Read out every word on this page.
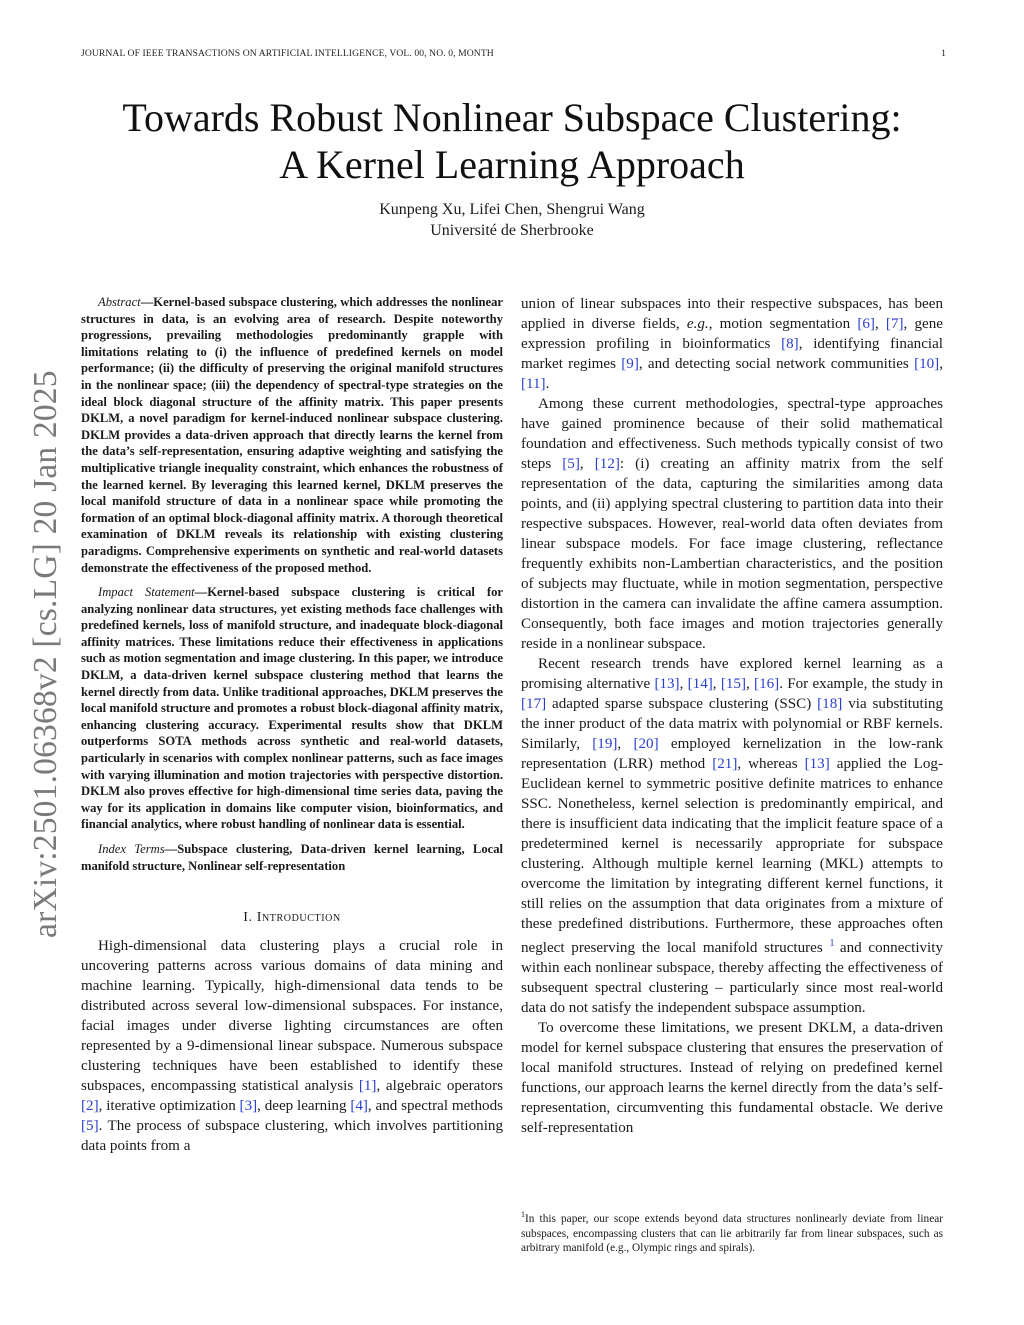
JOURNAL OF IEEE TRANSACTIONS ON ARTIFICIAL INTELLIGENCE, VOL. 00, NO. 0, MONTH	1
arXiv:2501.06368v2 [cs.LG] 20 Jan 2025
Towards Robust Nonlinear Subspace Clustering:
A Kernel Learning Approach
Kunpeng Xu, Lifei Chen, Shengrui Wang
Université de Sherbrooke

Abstract—Kernel-based subspace clustering, which addresses the nonlinear structures in data, is an evolving area of research. Despite noteworthy progressions, prevailing methodologies predominantly grapple with limitations relating to (i) the influence of predefined kernels on model performance; (ii) the difficulty of preserving the original manifold structures in the nonlinear space; (iii) the dependency of spectral-type strategies on the ideal block diagonal structure of the affinity matrix. This paper presents DKLM, a novel paradigm for kernel-induced nonlinear subspace clustering. DKLM provides a data-driven approach that directly learns the kernel from the data’s self-representation, ensuring adaptive weighting and satisfying the multiplicative triangle inequality constraint, which enhances the robustness of the learned kernel. By leveraging this learned kernel, DKLM preserves the local manifold structure of data in a nonlinear space while promoting the formation of an optimal block-diagonal affinity matrix. A thorough theoretical examination of DKLM reveals its relationship with existing clustering paradigms. Comprehensive experiments on synthetic and real-world datasets demonstrate the effectiveness of the proposed method.

Impact Statement—Kernel-based subspace clustering is critical for analyzing nonlinear data structures, yet existing methods face challenges with predefined kernels, loss of manifold structure, and inadequate block-diagonal affinity matrices. These limitations reduce their effectiveness in applications such as motion segmentation and image clustering. In this paper, we introduce DKLM, a data-driven kernel subspace clustering method that learns the kernel directly from data. Unlike traditional approaches, DKLM preserves the local manifold structure and promotes a robust block-diagonal affinity matrix, enhancing clustering accuracy. Experimental results show that DKLM outperforms SOTA methods across synthetic and real-world datasets, particularly in scenarios with complex nonlinear patterns, such as face images with varying illumination and motion trajectories with perspective distortion. DKLM also proves effective for high-dimensional time series data, paving the way for its application in domains like computer vision, bioinformatics, and financial analytics, where robust handling of nonlinear data is essential.

Index Terms—Subspace clustering, Data-driven kernel learning, Local manifold structure, Nonlinear self-representation

I. Introduction

High-dimensional data clustering plays a crucial role in uncovering patterns across various domains of data mining and machine learning. Typically, high-dimensional data tends to be distributed across several low-dimensional subspaces. For instance, facial images under diverse lighting circumstances are often represented by a 9-dimensional linear subspace. Numerous subspace clustering techniques have been established to identify these subspaces, encompassing statistical analysis [1], algebraic operators [2], iterative optimization [3], deep learning [4], and spectral methods [5]. The process of subspace clustering, which involves partitioning data points from a

union of linear subspaces into their respective subspaces, has been applied in diverse fields, e.g., motion segmentation [6], [7], gene expression profiling in bioinformatics [8], identifying financial market regimes [9], and detecting social network communities [10], [11].

Among these current methodologies, spectral-type approaches have gained prominence because of their solid mathematical foundation and effectiveness. Such methods typically consist of two steps [5], [12]: (i) creating an affinity matrix from the self representation of the data, capturing the similarities among data points, and (ii) applying spectral clustering to partition data into their respective subspaces. However, real-world data often deviates from linear subspace models. For face image clustering, reflectance frequently exhibits non-Lambertian characteristics, and the position of subjects may fluctuate, while in motion segmentation, perspective distortion in the camera can invalidate the affine camera assumption. Consequently, both face images and motion trajectories generally reside in a nonlinear subspace.

Recent research trends have explored kernel learning as a promising alternative [13], [14], [15], [16]. For example, the study in [17] adapted sparse subspace clustering (SSC) [18] via substituting the inner product of the data matrix with polynomial or RBF kernels. Similarly, [19], [20] employed kernelization in the low-rank representation (LRR) method [21], whereas [13] applied the Log-Euclidean kernel to symmetric positive definite matrices to enhance SSC. Nonetheless, kernel selection is predominantly empirical, and there is insufficient data indicating that the implicit feature space of a predetermined kernel is necessarily appropriate for subspace clustering. Although multiple kernel learning (MKL) attempts to overcome the limitation by integrating different kernel functions, it still relies on the assumption that data originates from a mixture of these predefined distributions. Furthermore, these approaches often neglect preserving the local manifold structures $^1$ and connectivity within each nonlinear subspace, thereby affecting the effectiveness of subsequent spectral clustering – particularly since most real-world data do not satisfy the independent subspace assumption.

To overcome these limitations, we present DKLM, a data-driven model for kernel subspace clustering that ensures the preservation of local manifold structures. Instead of relying on predefined kernel functions, our approach learns the kernel directly from the data’s self-representation, circumventing this fundamental obstacle. We derive self-representation

$^1$In this paper, our scope extends beyond data structures nonlinearly deviate from linear subspaces, encompassing clusters that can lie arbitrarily far from linear subspaces, such as arbitrary manifold (e.g., Olympic rings and spirals).
